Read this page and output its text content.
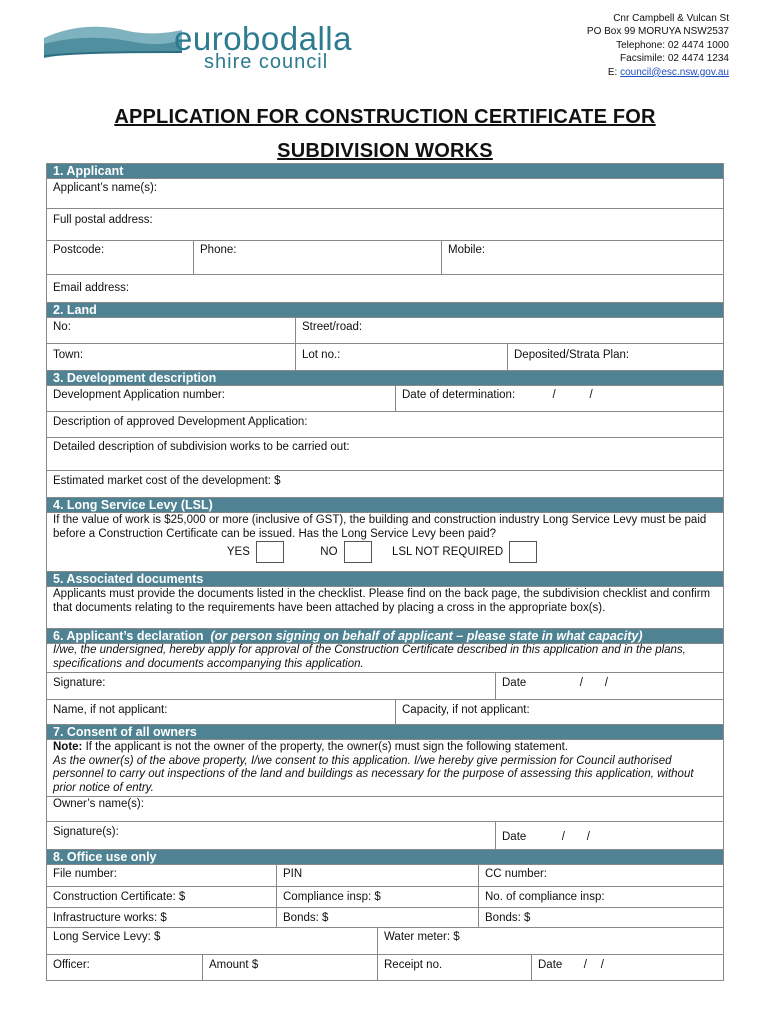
eurobodalla
shire council
Cnr Campbell & Vulcan St
PO Box 99 MORUYA NSW2537
Telephone: 02 4474 1000
Facsimile: 02 4474 1234
E: council@esc.nsw.gov.au
APPLICATION FOR CONSTRUCTION CERTIFICATE FOR
SUBDIVISION WORKS
1. Applicant
Applicant’s name(s):
Full postal address:
Postcode:	Phone:	Mobile:
Email address:
2. Land
No:	Street/road:
Town:	Lot no.:	Deposited/Strata Plan:
3. Development description
Development Application number:	Date of determination:	/	/
Description of approved Development Application:
Detailed description of subdivision works to be carried out:
Estimated market cost of the development: $
4. Long Service Levy (LSL)
If the value of work is $25,000 or more (inclusive of GST), the building and construction industry Long Service Levy must be paid before a Construction Certificate can be issued. Has the Long Service Levy been paid?
YES	NO	LSL NOT REQUIRED
5. Associated documents
Applicants must provide the documents listed in the checklist. Please find on the back page, the subdivision checklist and confirm that documents relating to the requirements have been attached by placing a cross in the appropriate box(s).
6. Applicant’s declaration (or person signing on behalf of applicant – please state in what capacity)
I/we, the undersigned, hereby apply for approval of the Construction Certificate described in this application and in the plans, specifications and documents accompanying this application.
Signature:	Date	/ /
Name, if not applicant:	Capacity, if not applicant:
7. Consent of all owners
Note: If the applicant is not the owner of the property, the owner(s) must sign the following statement.
As the owner(s) of the above property, I/we consent to this application. I/we hereby give permission for Council authorised personnel to carry out inspections of the land and buildings as necessary for the purpose of assessing this application, without prior notice of entry.
Owner’s name(s):
Signature(s):	Date	/ /
8. Office use only
File number:	PIN	CC number:
Construction Certificate: $	Compliance insp: $	No. of compliance insp:
Infrastructure works: $	Bonds: $	Bonds: $
Long Service Levy: $	Water meter: $
Officer:	Amount $	Receipt no.	Date / /
